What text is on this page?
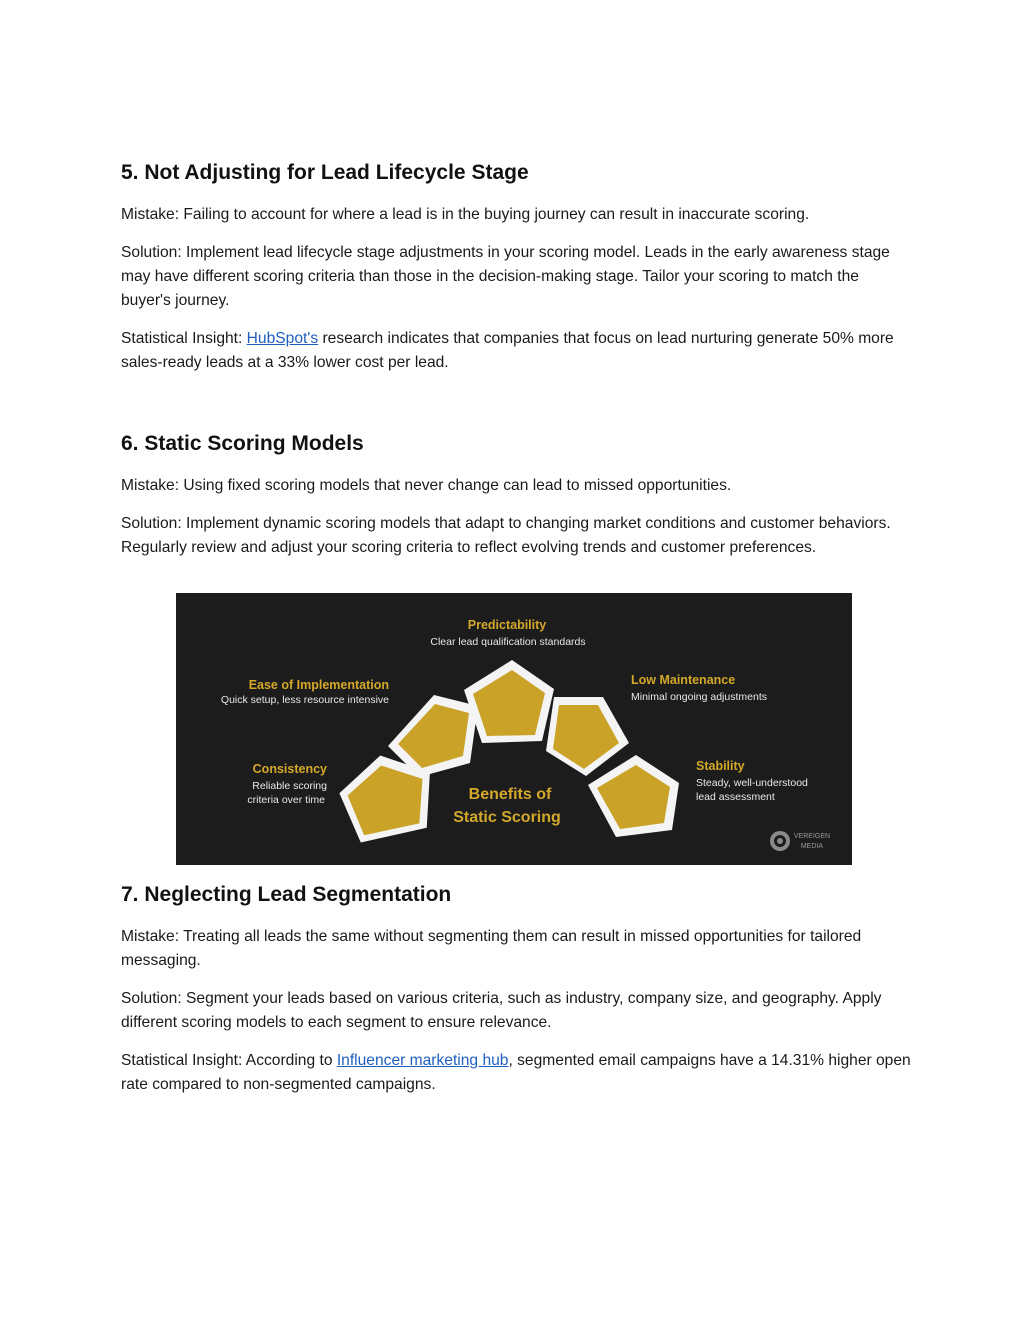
5. Not Adjusting for Lead Lifecycle Stage

Mistake: Failing to account for where a lead is in the buying journey can result in inaccurate scoring.

Solution: Implement lead lifecycle stage adjustments in your scoring model. Leads in the early awareness stage may have different scoring criteria than those in the decision-making stage. Tailor your scoring to match the buyer's journey.

Statistical Insight: HubSpot's research indicates that companies that focus on lead nurturing generate 50% more sales-ready leads at a 33% lower cost per lead.

6. Static Scoring Models

Mistake: Using fixed scoring models that never change can lead to missed opportunities.

Solution: Implement dynamic scoring models that adapt to changing market conditions and customer behaviors. Regularly review and adjust your scoring criteria to reflect evolving trends and customer preferences.

Benefits of
Static Scoring
Predictability
Clear lead qualification standards
Ease of Implementation
Quick setup, less resource intensive
Low Maintenance
Minimal ongoing adjustments
Consistency
Reliable scoring
criteria over time
Stability
Steady, well-understood
lead assessment
VEREIGEN
MEDIA
7. Neglecting Lead Segmentation

Mistake: Treating all leads the same without segmenting them can result in missed opportunities for tailored messaging.

Solution: Segment your leads based on various criteria, such as industry, company size, and geography. Apply different scoring models to each segment to ensure relevance.

Statistical Insight: According to Influencer marketing hub, segmented email campaigns have a 14.31% higher open rate compared to non-segmented campaigns.
